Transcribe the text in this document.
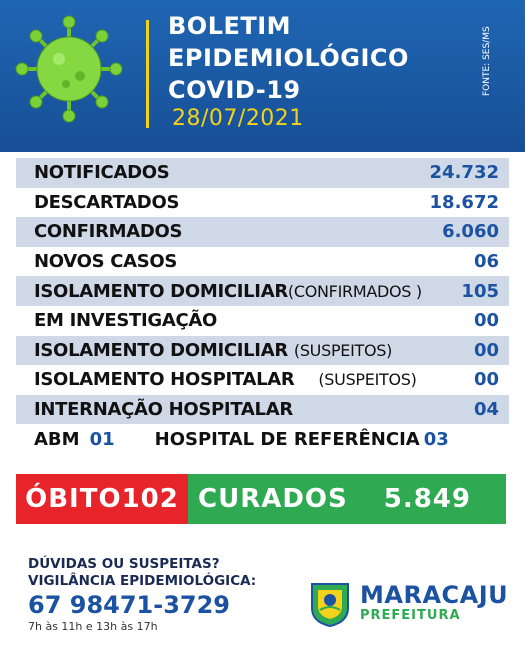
BOLETIM
EPIDEMIOLÓGICO
COVID-19
28/07/2021
FONTE: SES/MS
NOTIFICADOS	24.732
DESCARTADOS	18.672
CONFIRMADOS	6.060
NOVOS CASOS	06
ISOLAMENTO DOMICILIAR(CONFIRMADOS ) 105
EM INVESTIGAÇÃO	00
ISOLAMENTO DOMICILIAR (SUSPEITOS)	00
ISOLAMENTO HOSPITALAR (SUSPEITOS)	00
INTERNAÇÃO HOSPITALAR	04
ABM 01 HOSPITAL DE REFERÊNCIA 03
ÓBITO 102 CURADOS 5.849
DÚVIDAS OU SUSPEITAS?
VIGILÂNCIA EPIDEMIOLÓGICA:
67 98471-3729
7h às 11h e 13h às 17h
MARACAJU
PREFEITURA
